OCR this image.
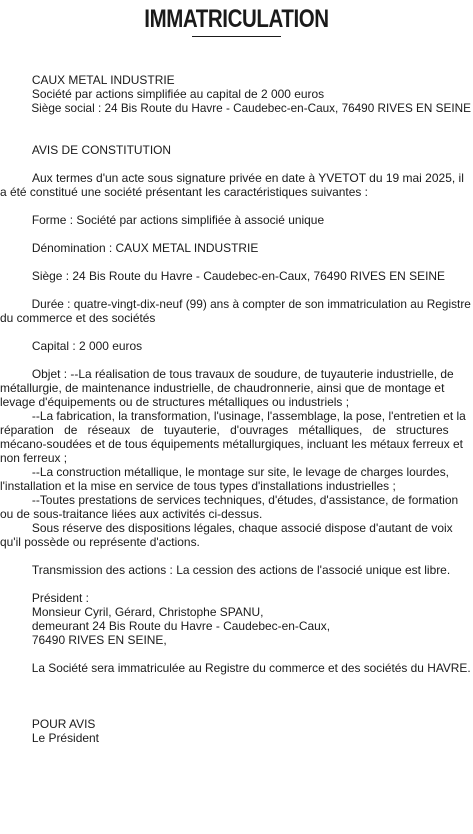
IMMATRICULATION
CAUX METAL INDUSTRIE
Société par actions simplifiée au capital de 2 000 euros
Siège social : 24 Bis Route du Havre - Caudebec-en-Caux, 76490 RIVES EN SEINE
AVIS DE CONSTITUTION
Aux termes d'un acte sous signature privée en date à YVETOT du 19 mai 2025, il
a été constitué une société présentant les caractéristiques suivantes :
Forme : Société par actions simplifiée à associé unique
Dénomination : CAUX METAL INDUSTRIE
Siège : 24 Bis Route du Havre - Caudebec-en-Caux, 76490 RIVES EN SEINE
Durée : quatre-vingt-dix-neuf (99) ans à compter de son immatriculation au Registre
du commerce et des sociétés
Capital : 2 000 euros
Objet : --La réalisation de tous travaux de soudure, de tuyauterie industrielle, de
métallurgie, de maintenance industrielle, de chaudronnerie, ainsi que de montage et
levage d'équipements ou de structures métalliques ou industriels ;
--La fabrication, la transformation, l'usinage, l'assemblage, la pose, l'entretien et la
réparation de réseaux de tuyauterie, d'ouvrages métalliques, de structures
mécano-soudées et de tous équipements métallurgiques, incluant les métaux ferreux et
non ferreux ;
--La construction métallique, le montage sur site, le levage de charges lourdes,
l'installation et la mise en service de tous types d'installations industrielles ;
--Toutes prestations de services techniques, d'études, d'assistance, de formation
ou de sous-traitance liées aux activités ci-dessus.
Sous réserve des dispositions légales, chaque associé dispose d'autant de voix
qu'il possède ou représente d'actions.
Transmission des actions : La cession des actions de l'associé unique est libre.
Président :
Monsieur Cyril, Gérard, Christophe SPANU,
demeurant 24 Bis Route du Havre - Caudebec-en-Caux,
76490 RIVES EN SEINE,
La Société sera immatriculée au Registre du commerce et des sociétés du HAVRE.
POUR AVIS
Le Président
